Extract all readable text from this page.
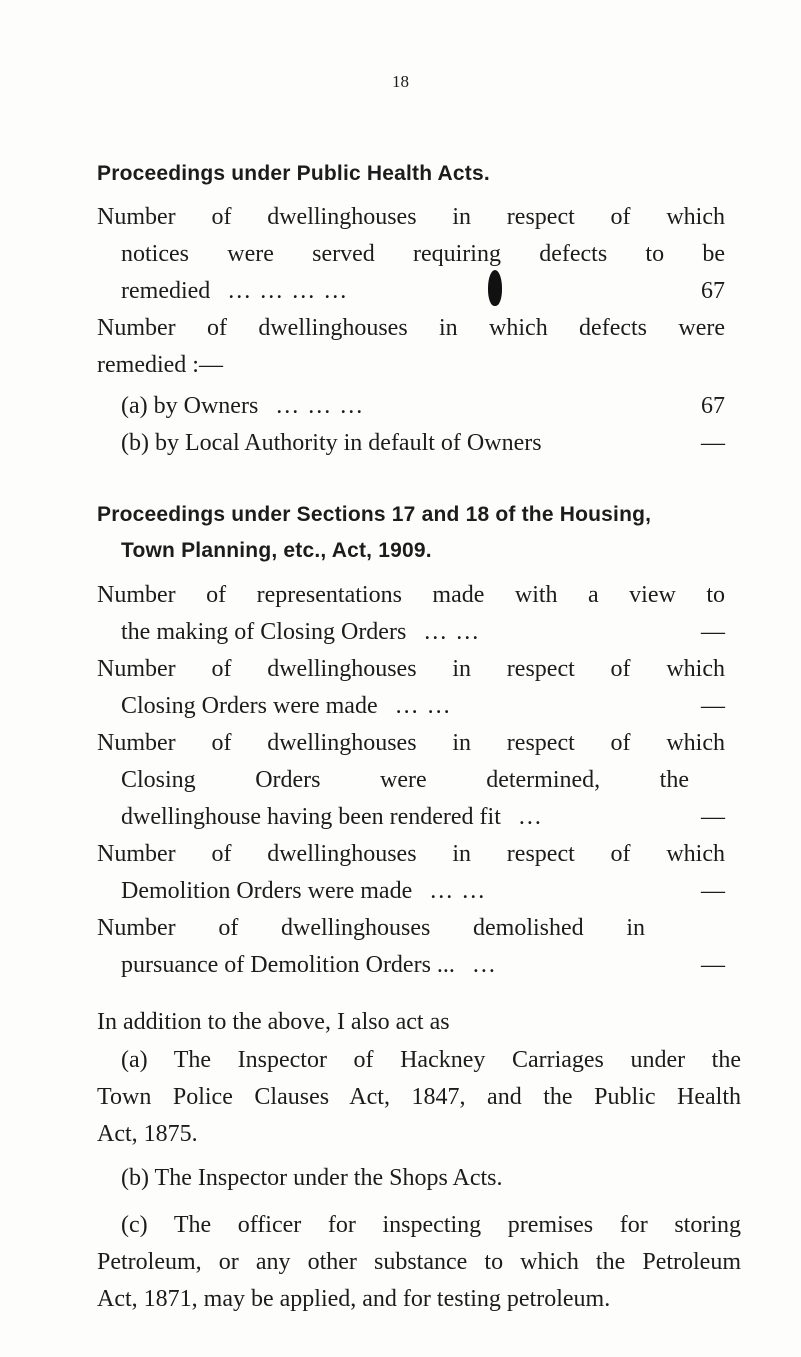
18
Proceedings under Public Health Acts.
Number of dwellinghouses in respect of which
notices were served requiring defects to be
remedied ... ... ... ...	67
Number of dwellinghouses in which defects were
remedied :—
(a) by Owners ... ... ...	67
(b) by Local Authority in default of Owners	—
Proceedings under Sections 17 and 18 of the Housing,
Town Planning, etc., Act, 1909.
Number of representations made with a view to
the making of Closing Orders ... ...	—
Number of dwellinghouses in respect of which
Closing Orders were made ... ...	—
Number of dwellinghouses in respect of which
Closing Orders were determined, the
dwellinghouse having been rendered fit ...	—
Number of dwellinghouses in respect of which
Demolition Orders were made ... ...	—
Number of dwellinghouses demolished in
pursuance of Demolition Orders ... ...	—

In addition to the above, I also act as

(a) The Inspector of Hackney Carriages under the
Town Police Clauses Act, 1847, and the Public Health
Act, 1875.
(b) The Inspector under the Shops Acts.
(c) The officer for inspecting premises for storing
Petroleum, or any other substance to which the Petroleum
Act, 1871, may be applied, and for testing petroleum.
